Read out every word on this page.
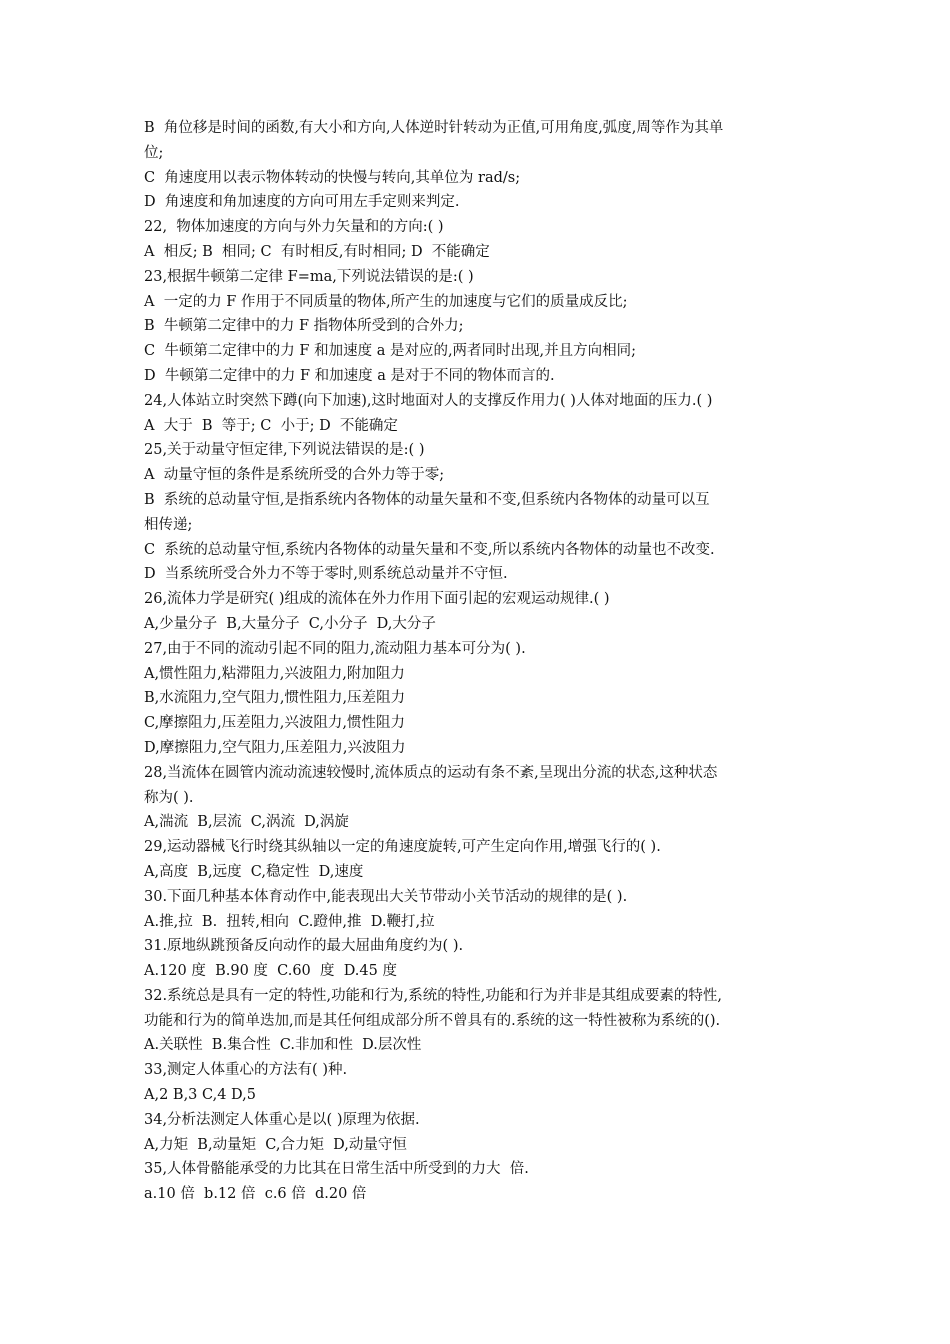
B  角位移是时间的函数,有大小和方向,人体逆时针转动为正值,可用角度,弧度,周等作为其单

位;

C  角速度用以表示物体转动的快慢与转向,其单位为 rad/s;

D  角速度和角加速度的方向可用左手定则来判定.

22,  物体加速度的方向与外力矢量和的方向:( )

A  相反; B  相同; C  有时相反,有时相同; D  不能确定

23,根据牛顿第二定律 F=ma,下列说法错误的是:( )

A  一定的力 F 作用于不同质量的物体,所产生的加速度与它们的质量成反比;

B  牛顿第二定律中的力 F 指物体所受到的合外力;

C  牛顿第二定律中的力 F 和加速度 a 是对应的,两者同时出现,并且方向相同;

D  牛顿第二定律中的力 F 和加速度 a 是对于不同的物体而言的.

24,人体站立时突然下蹲(向下加速),这时地面对人的支撑反作用力( )人体对地面的压力.( )

A  大于  B  等于; C  小于; D  不能确定

25,关于动量守恒定律,下列说法错误的是:( )

A  动量守恒的条件是系统所受的合外力等于零;

B  系统的总动量守恒,是指系统内各物体的动量矢量和不变,但系统内各物体的动量可以互

相传递;

C  系统的总动量守恒,系统内各物体的动量矢量和不变,所以系统内各物体的动量也不改变.

D  当系统所受合外力不等于零时,则系统总动量并不守恒.

26,流体力学是研究( )组成的流体在外力作用下面引起的宏观运动规律.( )

A,少量分子  B,大量分子  C,小分子  D,大分子

27,由于不同的流动引起不同的阻力,流动阻力基本可分为( ).

A,惯性阻力,粘滞阻力,兴波阻力,附加阻力

B,水流阻力,空气阻力,惯性阻力,压差阻力

C,摩擦阻力,压差阻力,兴波阻力,惯性阻力

D,摩擦阻力,空气阻力,压差阻力,兴波阻力

28,当流体在圆管内流动流速较慢时,流体质点的运动有条不紊,呈现出分流的状态,这种状态

称为( ).

A,湍流  B,层流  C,涡流  D,涡旋

29,运动器械飞行时绕其纵轴以一定的角速度旋转,可产生定向作用,增强飞行的( ).

A,高度  B,远度  C,稳定性  D,速度

30.下面几种基本体育动作中,能表现出大关节带动小关节活动的规律的是( ).

A.推,拉  B.  扭转,相向  C.蹬伸,推  D.鞭打,拉

31.原地纵跳预备反向动作的最大屈曲角度约为( ).

A.120 度  B.90 度  C.60  度  D.45 度

32.系统总是具有一定的特性,功能和行为,系统的特性,功能和行为并非是其组成要素的特性,

功能和行为的简单迭加,而是其任何组成部分所不曾具有的.系统的这一特性被称为系统的().

A.关联性  B.集合性  C.非加和性  D.层次性

33,测定人体重心的方法有( )种.

A,2 B,3 C,4 D,5

34,分析法测定人体重心是以( )原理为依据.

A,力矩  B,动量矩  C,合力矩  D,动量守恒

35,人体骨骼能承受的力比其在日常生活中所受到的力大  倍.

a.10 倍  b.12 倍  c.6 倍  d.20 倍
